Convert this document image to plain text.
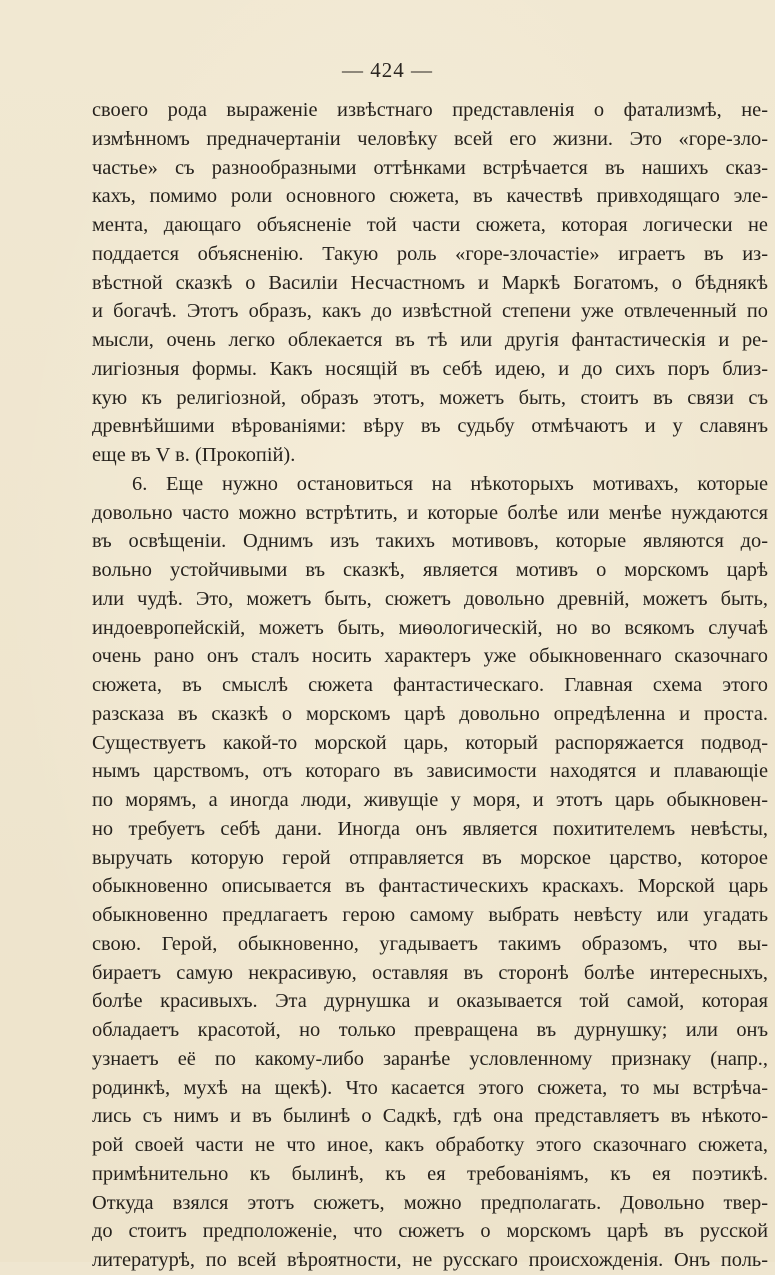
— 424 —
своего рода выраженіе извѣстнаго представленія о фатализмѣ, не-
измѣнномъ предначертаніи человѣку всей его жизни. Это «горе-зло-
частье» съ разнообразными оттѣнками встрѣчается въ нашихъ сказ-
кахъ, помимо роли основного сюжета, въ качествѣ привходящаго эле-
мента, дающаго объясненіе той части сюжета, которая логически не
поддается объясненію. Такую роль «горе-злочастіе» играетъ въ из-
вѣстной сказкѣ о Василіи Несчастномъ и Маркѣ Богатомъ, о бѣднякѣ
и богачѣ. Этотъ образъ, какъ до извѣстной степени уже отвлеченный по
мысли, очень легко облекается въ тѣ или другія фантастическія и ре-
лигіозныя формы. Какъ носящій въ себѣ идею, и до сихъ поръ близ-
кую къ религіозной, образъ этотъ, можетъ быть, стоитъ въ связи съ
древнѣйшими вѣрованіями: вѣру въ судьбу отмѣчаютъ и у славянъ
еще въ V в. (Прокопій).
6. Еще нужно остановиться на нѣкоторыхъ мотивахъ, которые
довольно часто можно встрѣтить, и которые болѣе или менѣе нуждаются
въ освѣщеніи. Однимъ изъ такихъ мотивовъ, которые являются до-
вольно устойчивыми въ сказкѣ, является мотивъ о морскомъ царѣ
или чудѣ. Это, можетъ быть, сюжетъ довольно древній, можетъ быть,
индоевропейскій, можетъ быть, миѳологическій, но во всякомъ случаѣ
очень рано онъ сталъ носить характеръ уже обыкновеннаго сказочнаго
сюжета, въ смыслѣ сюжета фантастическаго. Главная схема этого
разсказа въ сказкѣ о морскомъ царѣ довольно опредѣленна и проста.
Существуетъ какой-то морской царь, который распоряжается подвод-
нымъ царствомъ, отъ котораго въ зависимости находятся и плавающіе
по морямъ, а иногда люди, живущіе у моря, и этотъ царь обыкновен-
но требуетъ себѣ дани. Иногда онъ является похитителемъ невѣсты,
выручать которую герой отправляется въ морское царство, которое
обыкновенно описывается въ фантастическихъ краскахъ. Морской царь
обыкновенно предлагаетъ герою самому выбрать невѣсту или угадать
свою. Герой, обыкновенно, угадываетъ такимъ образомъ, что вы-
бираетъ самую некрасивую, оставляя въ сторонѣ болѣе интересныхъ,
болѣе красивыхъ. Эта дурнушка и оказывается той самой, которая
обладаетъ красотой, но только превращена въ дурнушку; или онъ
узнаетъ её по какому-либо заранѣе условленному признаку (напр.,
родинкѣ, мухѣ на щекѣ). Что касается этого сюжета, то мы встрѣча-
лись съ нимъ и въ былинѣ о Садкѣ, гдѣ она представляетъ въ нѣкото-
рой своей части не что иное, какъ обработку этого сказочнаго сюжета,
примѣнительно къ былинѣ, къ ея требованіямъ, къ ея поэтикѣ.
Откуда взялся этотъ сюжетъ, можно предполагать. Довольно твер-
до стоитъ предположеніе, что сюжетъ о морскомъ царѣ въ русской
литературѣ, по всей вѣроятности, не русскаго происхожденія. Онъ поль-
